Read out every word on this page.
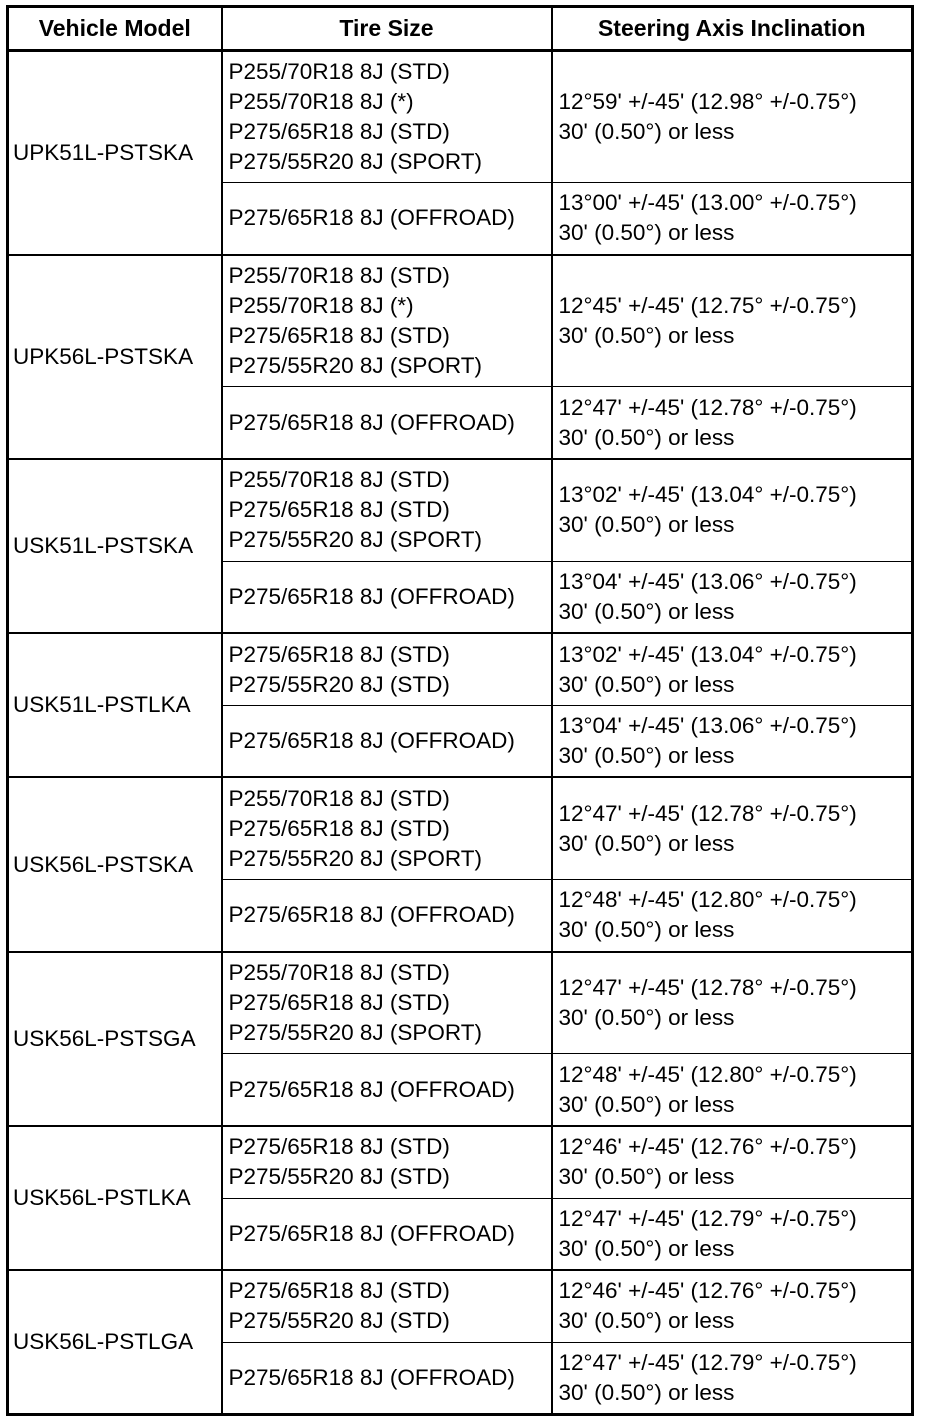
Vehicle Model	Tire Size	Steering Axis Inclination
UPK51L-PSTSKA	P255/70R18 8J (STD)
P255/70R18 8J (*)
P275/65R18 8J (STD)
P275/55R20 8J (SPORT)	12°59' +/-45' (12.98° +/-0.75°)
30' (0.50°) or less

	P275/65R18 8J (OFFROAD)	13°00' +/-45' (13.00° +/-0.75°)
30' (0.50°) or less

UPK56L-PSTSKA	P255/70R18 8J (STD)
P255/70R18 8J (*)
P275/65R18 8J (STD)
P275/55R20 8J (SPORT)	12°45' +/-45' (12.75° +/-0.75°)
30' (0.50°) or less

	P275/65R18 8J (OFFROAD)	12°47' +/-45' (12.78° +/-0.75°)
30' (0.50°) or less

USK51L-PSTSKA	P255/70R18 8J (STD)
P275/65R18 8J (STD)
P275/55R20 8J (SPORT)	13°02' +/-45' (13.04° +/-0.75°)
30' (0.50°) or less

	P275/65R18 8J (OFFROAD)	13°04' +/-45' (13.06° +/-0.75°)
30' (0.50°) or less

USK51L-PSTLKA	P275/65R18 8J (STD)
P275/55R20 8J (STD)	13°02' +/-45' (13.04° +/-0.75°)
30' (0.50°) or less

	P275/65R18 8J (OFFROAD)	13°04' +/-45' (13.06° +/-0.75°)
30' (0.50°) or less

USK56L-PSTSKA	P255/70R18 8J (STD)
P275/65R18 8J (STD)
P275/55R20 8J (SPORT)	12°47' +/-45' (12.78° +/-0.75°)
30' (0.50°) or less

	P275/65R18 8J (OFFROAD)	12°48' +/-45' (12.80° +/-0.75°)
30' (0.50°) or less

USK56L-PSTSGA	P255/70R18 8J (STD)
P275/65R18 8J (STD)
P275/55R20 8J (SPORT)	12°47' +/-45' (12.78° +/-0.75°)
30' (0.50°) or less

	P275/65R18 8J (OFFROAD)	12°48' +/-45' (12.80° +/-0.75°)
30' (0.50°) or less

USK56L-PSTLKA	P275/65R18 8J (STD)
P275/55R20 8J (STD)	12°46' +/-45' (12.76° +/-0.75°)
30' (0.50°) or less

	P275/65R18 8J (OFFROAD)	12°47' +/-45' (12.79° +/-0.75°)
30' (0.50°) or less

USK56L-PSTLGA	P275/65R18 8J (STD)
P275/55R20 8J (STD)	12°46' +/-45' (12.76° +/-0.75°)
30' (0.50°) or less

	P275/65R18 8J (OFFROAD)	12°47' +/-45' (12.79° +/-0.75°)
30' (0.50°) or less
